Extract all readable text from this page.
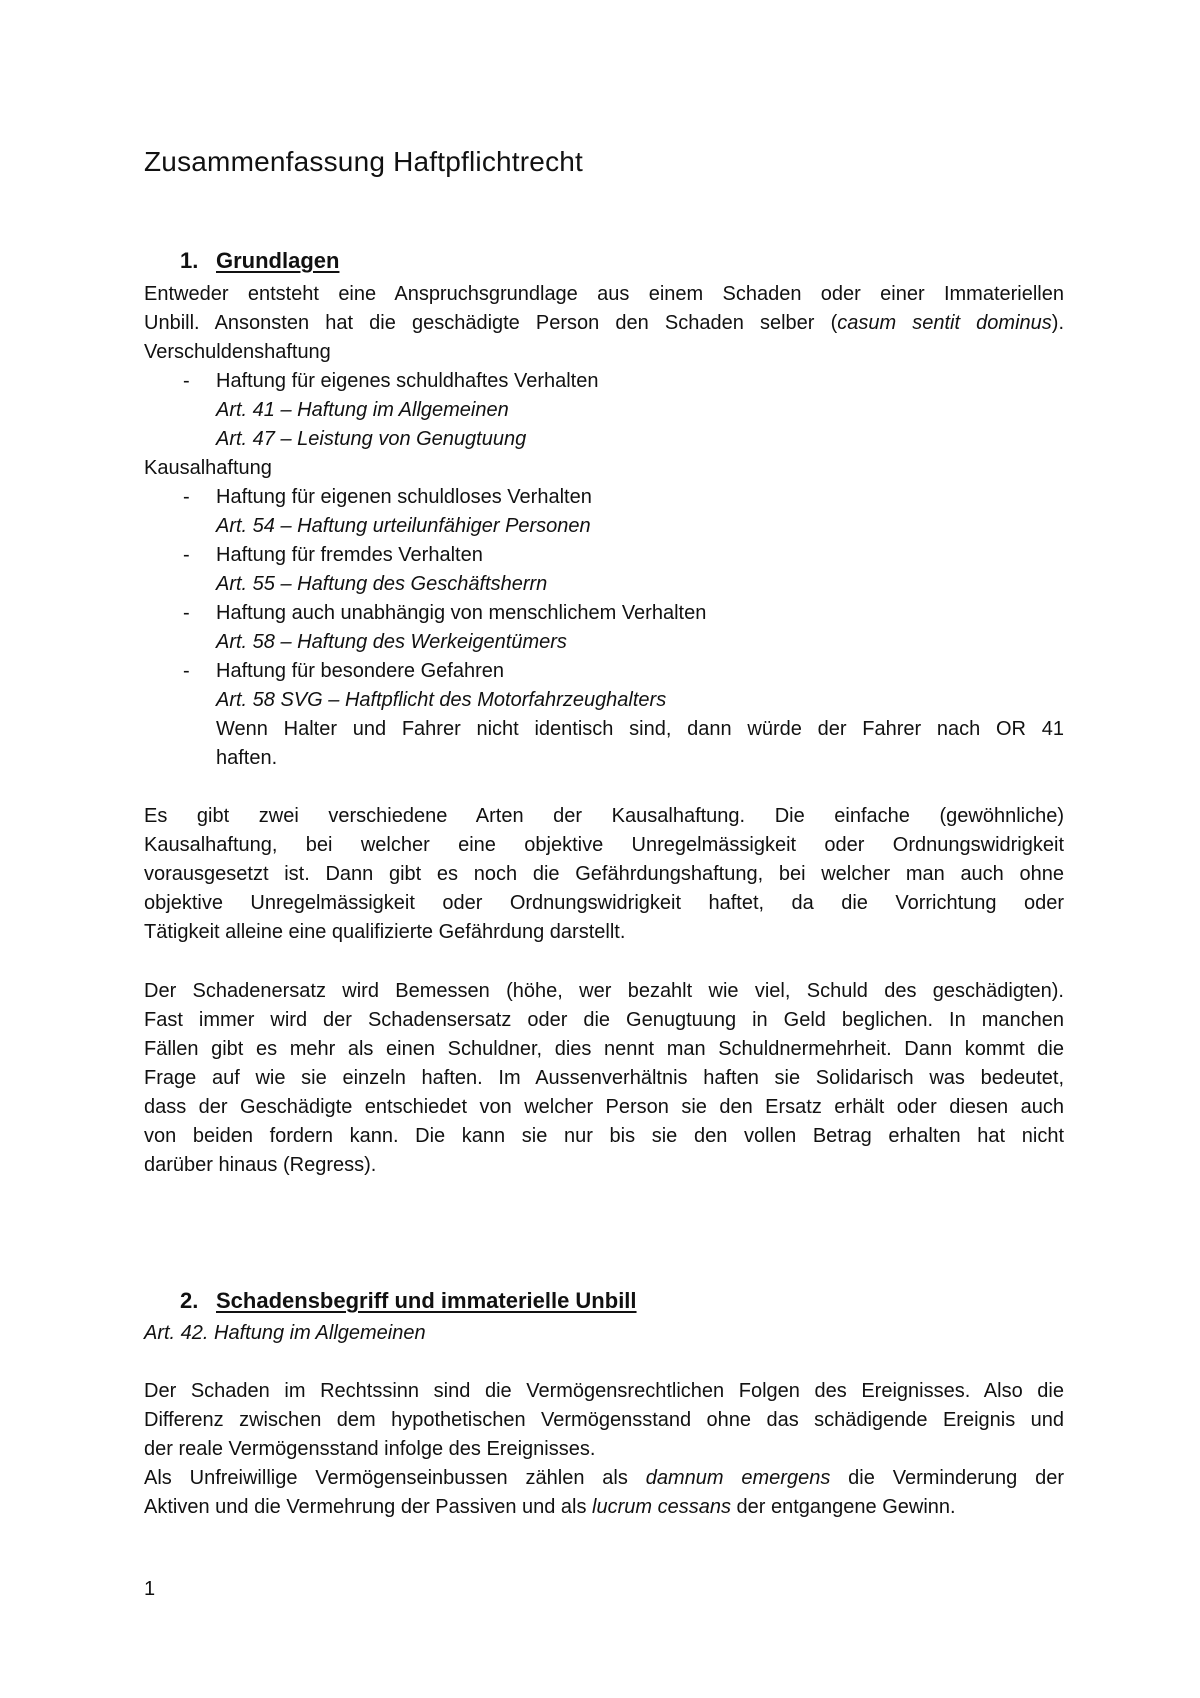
Zusammenfassung Haftpflichtrecht
1. Grundlagen
Entweder entsteht eine Anspruchsgrundlage aus einem Schaden oder einer Immateriellen
Unbill. Ansonsten hat die geschädigte Person den Schaden selber (casum sentit dominus).
Verschuldenshaftung
- Haftung für eigenes schuldhaftes Verhalten
Art. 41 – Haftung im Allgemeinen
Art. 47 – Leistung von Genugtuung
Kausalhaftung
- Haftung für eigenen schuldloses Verhalten
Art. 54 – Haftung urteilunfähiger Personen
- Haftung für fremdes Verhalten
Art. 55 – Haftung des Geschäftsherrn
- Haftung auch unabhängig von menschlichem Verhalten
Art. 58 – Haftung des Werkeigentümers
- Haftung für besondere Gefahren
Art. 58 SVG – Haftpflicht des Motorfahrzeughalters
Wenn Halter und Fahrer nicht identisch sind, dann würde der Fahrer nach OR 41
haften.
Es gibt zwei verschiedene Arten der Kausalhaftung. Die einfache (gewöhnliche)
Kausalhaftung, bei welcher eine objektive Unregelmässigkeit oder Ordnungswidrigkeit
vorausgesetzt ist. Dann gibt es noch die Gefährdungshaftung, bei welcher man auch ohne
objektive Unregelmässigkeit oder Ordnungswidrigkeit haftet, da die Vorrichtung oder
Tätigkeit alleine eine qualifizierte Gefährdung darstellt.
Der Schadenersatz wird Bemessen (höhe, wer bezahlt wie viel, Schuld des geschädigten).
Fast immer wird der Schadensersatz oder die Genugtuung in Geld beglichen. In manchen
Fällen gibt es mehr als einen Schuldner, dies nennt man Schuldnermehrheit. Dann kommt die
Frage auf wie sie einzeln haften. Im Aussenverhältnis haften sie Solidarisch was bedeutet,
dass der Geschädigte entschiedet von welcher Person sie den Ersatz erhält oder diesen auch
von beiden fordern kann. Die kann sie nur bis sie den vollen Betrag erhalten hat nicht
darüber hinaus (Regress).
2. Schadensbegriff und immaterielle Unbill
Art. 42. Haftung im Allgemeinen
Der Schaden im Rechtssinn sind die Vermögensrechtlichen Folgen des Ereignisses. Also die
Differenz zwischen dem hypothetischen Vermögensstand ohne das schädigende Ereignis und
der reale Vermögensstand infolge des Ereignisses.
Als Unfreiwillige Vermögenseinbussen zählen als damnum emergens die Verminderung der
Aktiven und die Vermehrung der Passiven und als lucrum cessans der entgangene Gewinn.
1
